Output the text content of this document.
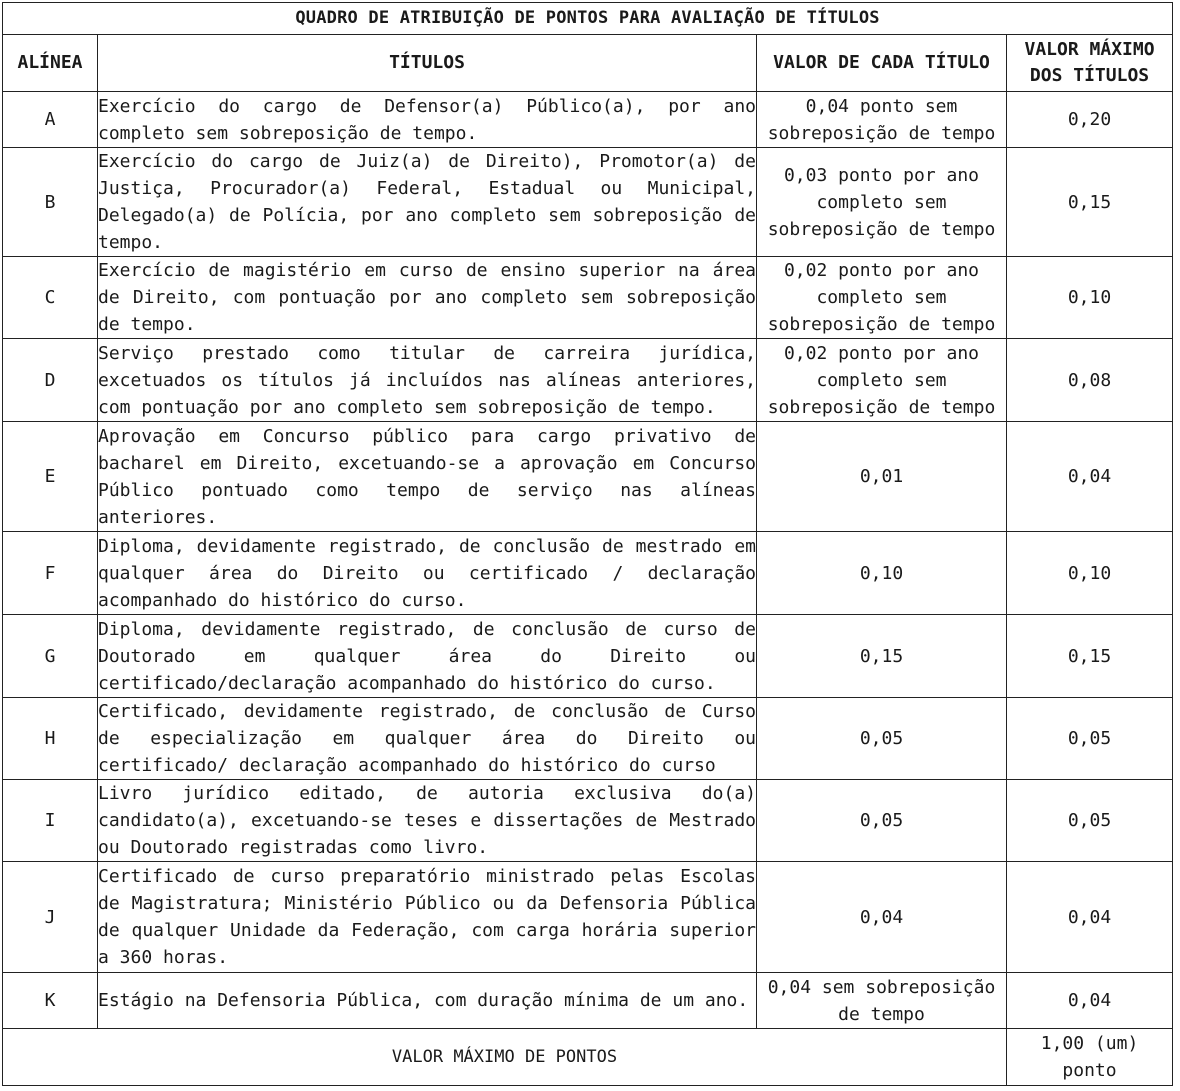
QUADRO DE ATRIBUIÇÃO DE PONTOS PARA AVALIAÇÃO DE TÍTULOS			
ALÍNEA	TÍTULOS	VALOR DE CADA TÍTULO	VALOR MÁXIMO
DOS TÍTULOS

A	Exercício do cargo de Defensor(a) Público(a), por ano completo sem sobreposição de tempo.	0,04 ponto sem sobreposição de tempo	0,20
B	Exercício do cargo de Juiz(a) de Direito), Promotor(a) de Justiça, Procurador(a) Federal, Estadual ou Municipal, Delegado(a) de Polícia, por ano completo sem sobreposição de tempo.	0,03 ponto por ano completo sem sobreposição de tempo	0,15
C	Exercício de magistério em curso de ensino superior na área de Direito, com pontuação por ano completo sem sobreposição de tempo.	0,02 ponto por ano completo sem sobreposição de tempo	0,10
D	Serviço prestado como titular de carreira jurídica, excetuados os títulos já incluídos nas alíneas anteriores, com pontuação por ano completo sem sobreposição de tempo.	0,02 ponto por ano completo sem sobreposição de tempo	0,08
E	Aprovação em Concurso público para cargo privativo de bacharel em Direito, excetuando-se a aprovação em Concurso Público pontuado como tempo de serviço nas alíneas anteriores.	0,01	0,04
F	Diploma, devidamente registrado, de conclusão de mestrado em qualquer área do Direito ou certificado / declaração acompanhado do histórico do curso.	0,10	0,10
G	Diploma, devidamente registrado, de conclusão de curso de Doutorado em qualquer área do Direito ou certificado/declaração acompanhado do histórico do curso.	0,15	0,15
H	Certificado, devidamente registrado, de conclusão de Curso de especialização em qualquer área do Direito ou certificado/ declaração acompanhado do histórico do curso	0,05	0,05
I	Livro jurídico editado, de autoria exclusiva do(a) candidato(a), excetuando-se teses e dissertações de Mestrado ou Doutorado registradas como livro.	0,05	0,05
J	Certificado de curso preparatório ministrado pelas Escolas de Magistratura; Ministério Público ou da Defensoria Pública de qualquer Unidade da Federação, com carga horária superior a 360 horas.	0,04	0,04
K	Estágio na Defensoria Pública, com duração mínima de um ano.	0,04 sem sobreposição de tempo	0,04
VALOR MÁXIMO DE PONTOS			1,00 (um)
ponto
